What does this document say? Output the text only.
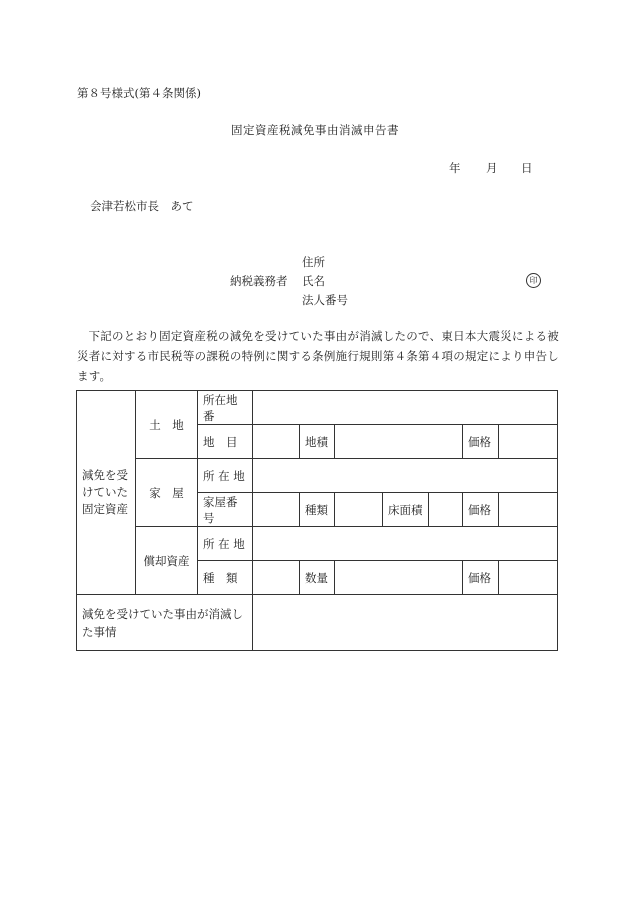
第８号様式(第４条関係)
固定資産税減免事由消滅申告書
年 月 日
会津若松市長　あて
納税義務者
住所
氏名	印
法人番号
下記のとおり固定資産税の減免を受けていた事由が消滅したので、東日本大震災による被災者に対する市民税等の課税の特例に関する条例施行規則第４条第４項の規定により申告します。
減免を受けていた固定資産	土　地	所在地番							
		地　目		地積				価格	
	家　屋	所 在 地							
		家屋番号		種類		床面積		価格	
	償却資産	所 在 地							
		種　類		数量				価格	
減免を受けていた事由が消滅した事情									
